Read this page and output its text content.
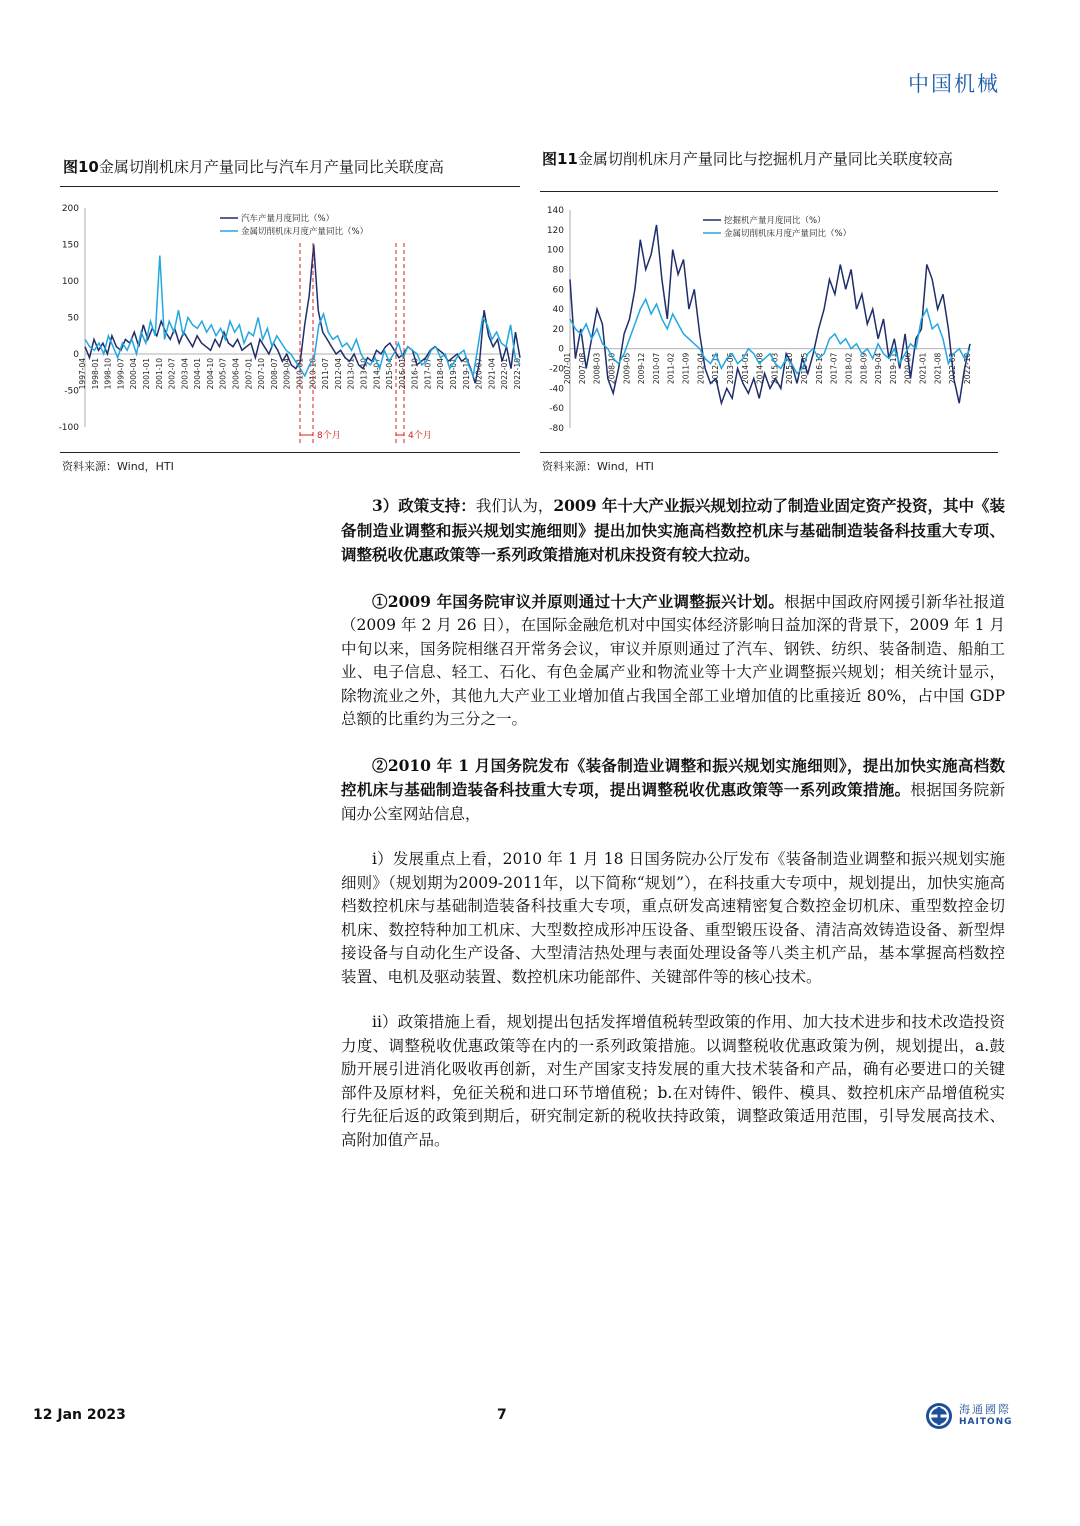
中国机械
图10金属切削机床月产量同比与汽车月产量同比关联度高
200
150
100
50
0
-50
-100
1997-04 1998-01 1998-10 1999-07 2000-04 2001-01 2001-10 2002-07 2003-04 2004-01 2004-10 2005-07 2006-04 2007-01 2007-10 2008-07 2009-04 2010-01 2010-10 2011-07 2012-04 2013-01 2013-10 2014-07 2015-04 2016-01 2016-10 2017-07 2018-04 2019-01 2019-10 2020-07 2021-04 2022-01 2022-10
汽车产量月度同比（%）
金属切削机床月度产量同比（%）
8个月	4个月
资料来源：Wind，HTI
图11金属切削机床月产量同比与挖掘机月产量同比关联度较高
140
120
100
80
60
40
20
0
-20
-40
-60
-80
2007-01 2007-08 2008-03 2008-10 2009-05 2009-12 2010-07 2011-02 2011-09 2012-04 2012-11 2013-06 2014-01 2014-08 2015-03 2015-10 2016-05 2016-12 2017-07 2018-02 2018-09 2019-04 2019-11 2020-06 2021-01 2021-08 2022-03 2022-10
挖掘机产量月度同比（%）
金属切削机床月度产量同比（%）
资料来源：Wind，HTI

3）政策支持：我们认为，2009 年十大产业振兴规划拉动了制造业固定资产投资，其中《装备制造业调整和振兴规划实施细则》提出加快实施高档数控机床与基础制造装备科技重大专项、调整税收优惠政策等一系列政策措施对机床投资有较大拉动。

①2009 年国务院审议并原则通过十大产业调整振兴计划。根据中国政府网援引新华社报道（2009 年 2 月 26 日），在国际金融危机对中国实体经济影响日益加深的背景下，2009 年 1 月中旬以来，国务院相继召开常务会议，审议并原则通过了汽车、钢铁、纺织、装备制造、船舶工业、电子信息、轻工、石化、有色金属产业和物流业等十大产业调整振兴规划；相关统计显示，除物流业之外，其他九大产业工业增加值占我国全部工业增加值的比重接近 80%，占中国 GDP 总额的比重约为三分之一。

②2010 年 1 月国务院发布《装备制造业调整和振兴规划实施细则》，提出加快实施高档数控机床与基础制造装备科技重大专项，提出调整税收优惠政策等一系列政策措施。根据国务院新闻办公室网站信息，

i）发展重点上看，2010 年 1 月 18 日国务院办公厅发布《装备制造业调整和振兴规划实施细则》（规划期为2009-2011年，以下简称“规划”），在科技重大专项中，规划提出，加快实施高档数控机床与基础制造装备科技重大专项，重点研发高速精密复合数控金切机床、重型数控金切机床、数控特种加工机床、大型数控成形冲压设备、重型锻压设备、清洁高效铸造设备、新型焊接设备与自动化生产设备、大型清洁热处理与表面处理设备等八类主机产品，基本掌握高档数控装置、电机及驱动装置、数控机床功能部件、关键部件等的核心技术。

ii）政策措施上看，规划提出包括发挥增值税转型政策的作用、加大技术进步和技术改造投资力度、调整税收优惠政策等在内的一系列政策措施。以调整税收优惠政策为例，规划提出，a.鼓励开展引进消化吸收再创新，对生产国家支持发展的重大技术装备和产品，确有必要进口的关键部件及原材料，免征关税和进口环节增值税；b.在对铸件、锻件、模具、数控机床产品增值税实行先征后返的政策到期后，研究制定新的税收扶持政策，调整政策适用范围，引导发展高技术、高附加值产品。

12 Jan 2023	7	海通國際
HAITONG
